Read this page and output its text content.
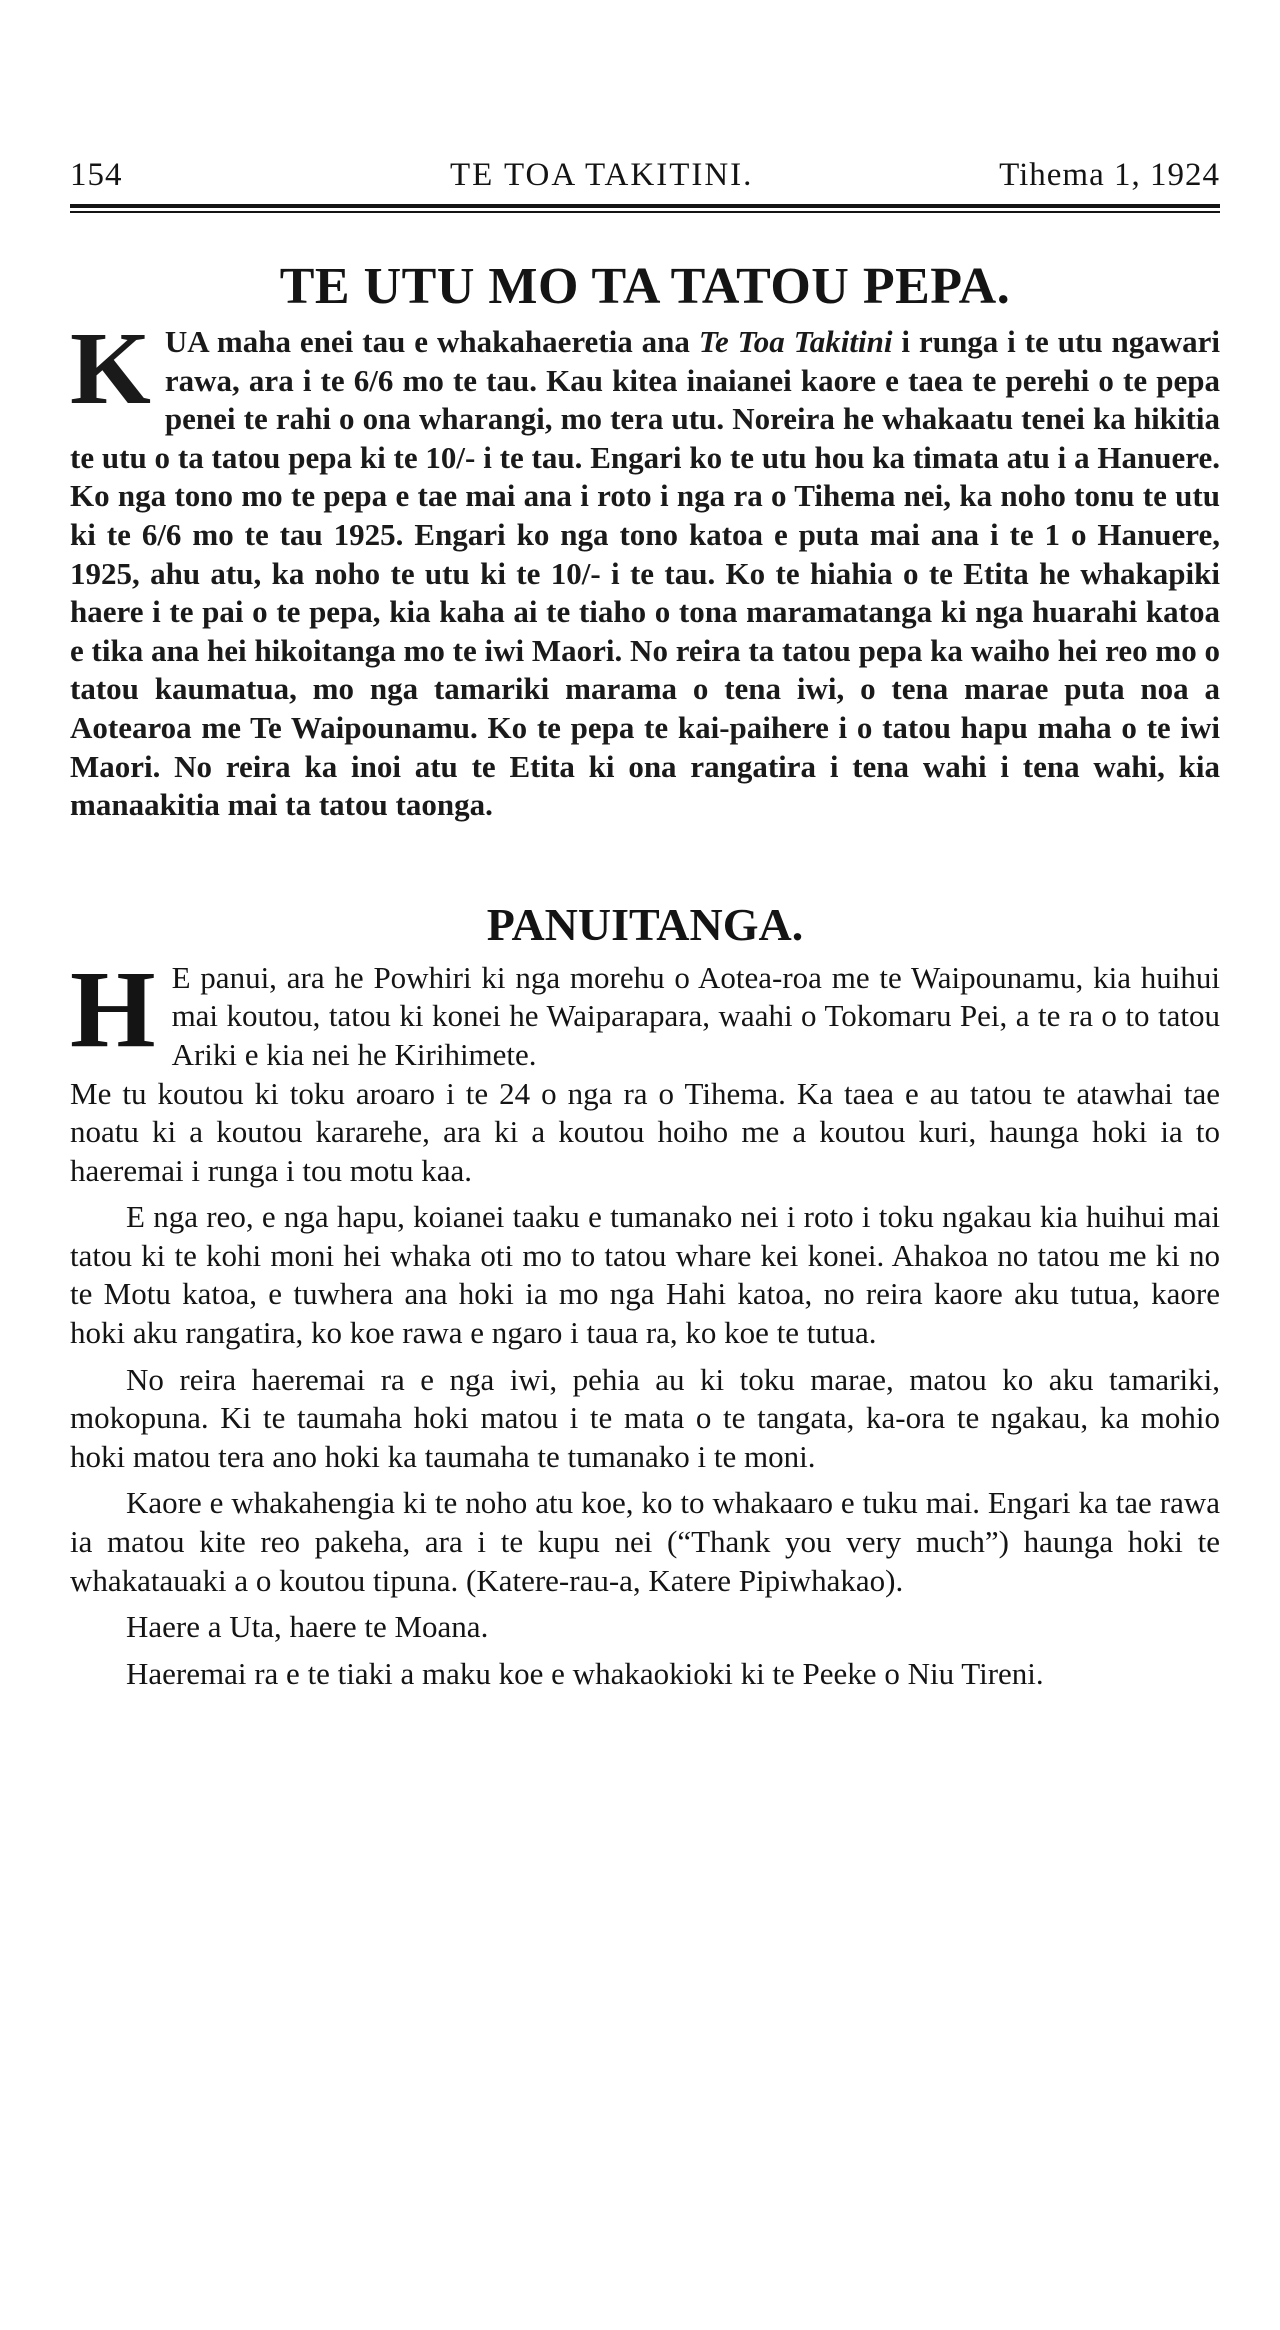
154	TE TOA TAKITINI.	Tihema 1, 1924
TE UTU MO TA TATOU PEPA.

KUA maha enei tau e whakahaeretia ana Te Toa Takitini i runga i te utu ngawari rawa, ara i te 6/6 mo te tau. Kau kitea inaianei kaore e taea te perehi o te pepa penei te rahi o ona wharangi, mo tera utu. Noreira he whakaatu tenei ka hikitia te utu o ta tatou pepa ki te 10/- i te tau. Engari ko te utu hou ka timata atu i a Hanuere. Ko nga tono mo te pepa e tae mai ana i roto i nga ra o Tihema nei, ka noho tonu te utu ki te 6/6 mo te tau 1925. Engari ko nga tono katoa e puta mai ana i te 1 o Hanuere, 1925, ahu atu, ka noho te utu ki te 10/- i te tau. Ko te hiahia o te Etita he whakapiki haere i te pai o te pepa, kia kaha ai te tiaho o tona maramatanga ki nga huarahi katoa e tika ana hei hikoitanga mo te iwi Maori. No reira ta tatou pepa ka waiho hei reo mo o tatou kaumatua, mo nga tamariki marama o tena iwi, o tena marae puta noa a Aotearoa me Te Waipounamu. Ko te pepa te kai-paihere i o tatou hapu maha o te iwi Maori. No reira ka inoi atu te Etita ki ona rangatira i tena wahi i tena wahi, kia manaakitia mai ta tatou taonga.

PANUITANGA.

H E panui, ara he Powhiri ki nga morehu o Aotea-roa me te Waipounamu, kia huihui mai koutou, tatou ki konei he Waiparapara, waahi o Tokomaru Pei, a te ra o to tatou Ariki e kia nei he Kirihimete.

Me tu koutou ki toku aroaro i te 24 o nga ra o Tihema. Ka taea e au tatou te atawhai tae noatu ki a koutou kararehe, ara ki a koutou hoiho me a koutou kuri, haunga hoki ia to haeremai i runga i tou motu kaa.

E nga reo, e nga hapu, koianei taaku e tumanako nei i roto i toku ngakau kia huihui mai tatou ki te kohi moni hei whaka oti mo to tatou whare kei konei. Ahakoa no tatou me ki no te Motu katoa, e tuwhera ana hoki ia mo nga Hahi katoa, no reira kaore aku tutua, kaore hoki aku rangatira, ko koe rawa e ngaro i taua ra, ko koe te tutua.

No reira haeremai ra e nga iwi, pehia au ki toku marae, matou ko aku tamariki, mokopuna. Ki te taumaha hoki matou i te mata o te tangata, ka-ora te ngakau, ka mohio hoki matou tera ano hoki ka taumaha te tumanako i te moni.

Kaore e whakahengia ki te noho atu koe, ko to whakaaro e tuku mai. Engari ka tae rawa ia matou kite reo pakeha, ara i te kupu nei (“Thank you very much”) haunga hoki te whakatauaki a o koutou tipuna. (Katere-rau-a, Katere Pipiwhakao).

Haere a Uta, haere te Moana.

Haeremai ra e te tiaki a maku koe e whakaokioki ki te Peeke o Niu Tireni.
